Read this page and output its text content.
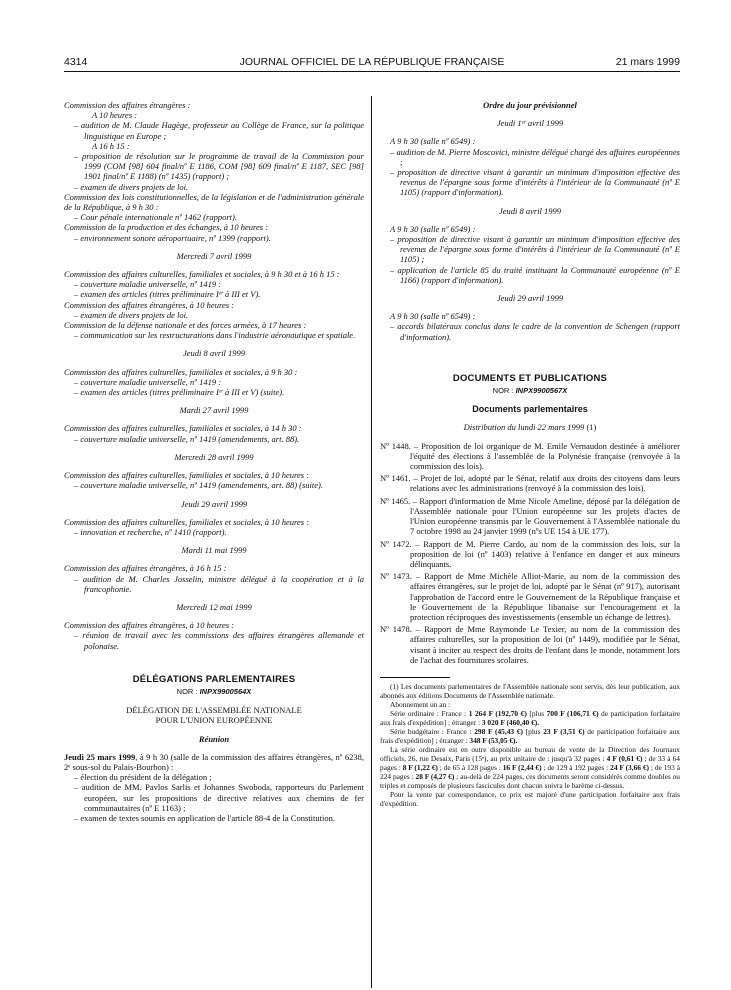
4314	JOURNAL OFFICIEL DE LA RÉPUBLIQUE FRANÇAISE	21 mars 1999

Commission des affaires étrangères :

A 10 heures :

– audition de M. Claude Hagège, professeur au Collège de France, sur la politique linguistique en Europe ;

A 16 h 15 :

– proposition de résolution sur le programme de travail de la Commission pour 1999 (COM [98] 604 final/nº E 1186, COM [98] 609 final/nº E 1187, SEC [98] 1901 final/nº E 1188) (nº 1435) (rapport) ;

– examen de divers projets de loi.

Commission des lois constitutionnelles, de la législation et de l'administration générale de la République, à 9 h 30 :

– Cour pénale internationale nº 1462 (rapport).

Commission de la production et des échanges, à 10 heures :

– environnement sonore aéroportuaire, nº 1399 (rapport).

Mercredi 7 avril 1999

Commission des affaires culturelles, familiales et sociales, à 9 h 30 et à 16 h 15 :

– couverture maladie universelle, nº 1419 :

– examen des articles (titres préliminaire Iᵉʳ à III et V).

Commission des affaires étrangères, à 10 heures :

– examen de divers projets de loi.

Commission de la défense nationale et des forces armées, à 17 heures :

– communication sur les restructurations dans l'industrie aéronautique et spatiale.

Jeudi 8 avril 1999

Commission des affaires culturelles, familiales et sociales, à 9 h 30 :

– couverture maladie universelle, nº 1419 :

– examen des articles (titres préliminaire Iᵉʳ à III et V) (suite).

Mardi 27 avril 1999

Commission des affaires culturelles, familiales et sociales, à 14 h 30 :

– couverture maladie universelle, nº 1419 (amendements, art. 88).

Mercredi 28 avril 1999

Commission des affaires culturelles, familiales et sociales, à 10 heures :

– couverture maladie universelle, nº 1419 (amendements, art. 88) (suite).

Jeudi 29 avril 1999

Commission des affaires culturelles, familiales et sociales, à 10 heures :

– innovation et recherche, nº 1410 (rapport).

Mardi 11 mai 1999

Commission des affaires étrangères, à 16 h 15 :

– audition de M. Charles Josselin, ministre délégué à la coopération et à la francophonie.

Mercredi 12 mai 1999

Commission des affaires étrangères, à 10 heures :

– réunion de travail avec les commissions des affaires étrangères allemande et polonaise.

DÉLÉGATIONS PARLEMENTAIRES

NOR : INPX9900564X

DÉLÉGATION DE L'ASSEMBLÉE NATIONALE

POUR L'UNION EUROPÉENNE

Réunion

Jeudi 25 mars 1999, à 9 h 30 (salle de la commission des affaires étrangères, nº 6238, 2ᵉ sous-sol du Palais-Bourbon) :

– élection du président de la délégation ;

– audition de MM. Pavlos Sarlis et Johannes Swoboda, rapporteurs du Parlement européen, sur les propositions de directive relatives aux chemins de fer communautaires (nº E 1163) ;

– examen de textes soumis en application de l'article 88-4 de la Constitution.

Ordre du jour prévisionnel

Jeudi 1ᵉʳ avril 1999

A 9 h 30 (salle nº 6549) :

– audition de M. Pierre Moscovici, ministre délégué chargé des affaires européennes ;

– proposition de directive visant à garantir un minimum d'imposition effective des revenus de l'épargne sous forme d'intérêts à l'intérieur de la Communauté (nº E 1105) (rapport d'information).

Jeudi 8 avril 1999

A 9 h 30 (salle nº 6549) :

– proposition de directive visant à garantir un minimum d'imposition effective des revenus de l'épargne sous forme d'intérêts à l'intérieur de la Communauté (nº E 1105) ;

– application de l'article 85 du traité instituant la Communauté européenne (nº E 1166) (rapport d'information).

Jeudi 29 avril 1999

A 9 h 30 (salle nº 6549) :

– accords bilatéraux conclus dans le cadre de la convention de Schengen (rapport d'information).

DOCUMENTS ET PUBLICATIONS

NOR : INPX9900567X

Documents parlementaires

Distribution du lundi 22 mars 1999 (1)

Nº 1448. – Proposition de loi organique de M. Emile Vernaudon destinée à améliorer l'équité des élections à l'assemblée de la Polynésie française (renvoyée à la commission des lois).

Nº 1461. – Projet de loi, adopté par le Sénat, relatif aux droits des citoyens dans leurs relations avec les administrations (renvoyé à la commission des lois).

Nº 1465. – Rapport d'information de Mme Nicole Ameline, déposé par la délégation de l'Assemblée nationale pour l'Union européenne sur les projets d'actes de l'Union européenne transmis par le Gouvernement à l'Assemblée nationale du 7 octobre 1998 au 24 janvier 1999 (nºs UE 154 à UE 177).

Nº 1472. – Rapport de M. Pierre Cardo, au nom de la commission des lois, sur la proposition de loi (nº 1403) relative à l'enfance en danger et aux mineurs délinquants.

Nº 1473. – Rapport de Mme Michèle Alliot-Marie, au nom de la commission des affaires étrangères, sur le projet de loi, adopté par le Sénat (nº 917), autorisant l'approbation de l'accord entre le Gouvernement de la République française et le Gouvernement de la République libanaise sur l'encouragement et la protection réciproques des investissements (ensemble un échange de lettres).

Nº 1478. – Rapport de Mme Raymonde Le Texier, au nom de la commission des affaires culturelles, sur la proposition de loi (nº 1449), modifiée par le Sénat, visant à inciter au respect des droits de l'enfant dans le monde, notamment lors de l'achat des fournitures scolaires.

(1) Les documents parlementaires de l'Assemblée nationale sont servis, dès leur publication, aux abonnés aux éditions Documents de l'Assemblée nationale.

Abonnement un an :

Série ordinaire : France : 1 264 F (192,70 €) [plus 700 F (106,71 €) de participation forfaitaire aux frais d'expédition] ; étranger : 3 020 F (460,40 €).

Série budgétaire : France : 298 F (45,43 €) [plus 23 F (3,51 €) de participation forfaitaire aux frais d'expédition] ; étranger : 348 F (53,05 €).

La série ordinaire est en outre disponible au bureau de vente de la Direction des Journaux officiels, 26, rue Desaix, Paris (15ᵉ), au prix unitaire de : jusqu'à 32 pages : 4 F (0,61 €) ; de 33 à 64 pages : 8 F (1,22 €) ; de 65 à 128 pages : 16 F (2,44 €) ; de 129 à 192 pages : 24 F (3,66 €) ; de 193 à 224 pages : 28 F (4,27 €) ; au-delà de 224 pages, ces documents seront considérés comme doubles ou triples et composés de plusieurs fascicules dont chacun suivra le barème ci-dessus.

Pour la vente par correspondance, ce prix est majoré d'une participation forfaitaire aux frais d'expédition.
